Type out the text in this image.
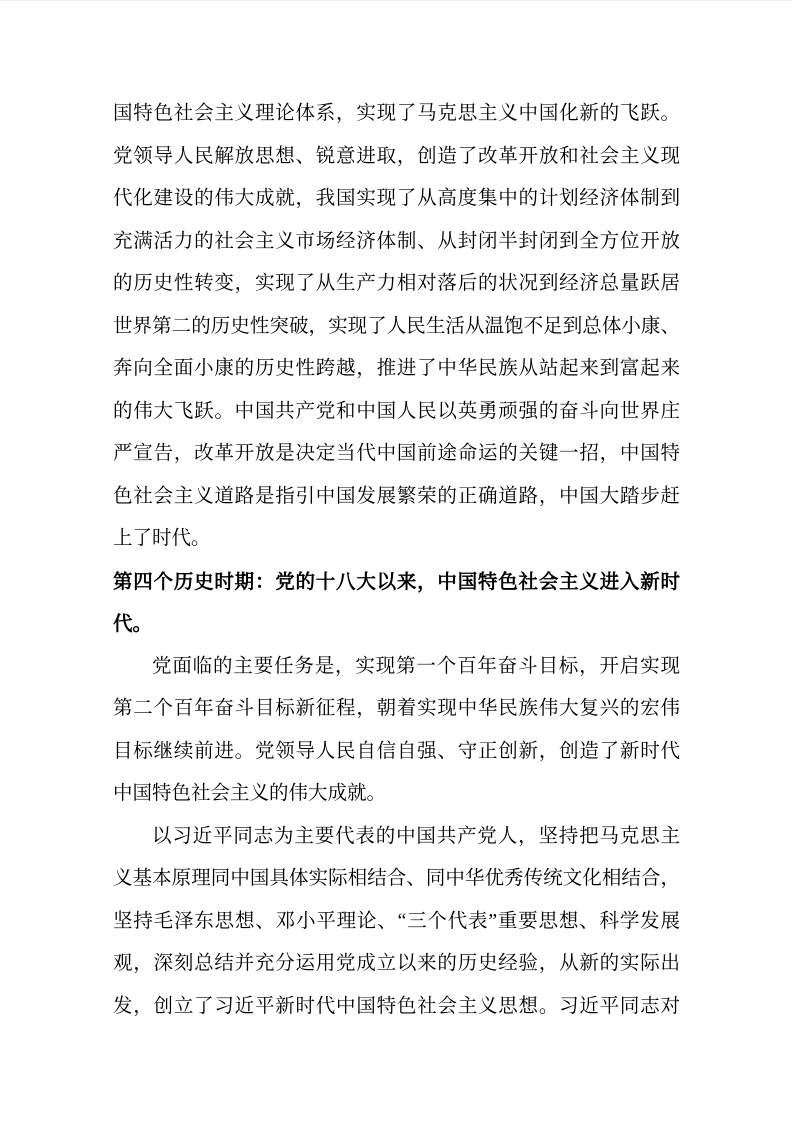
国特色社会主义理论体系，实现了马克思主义中国化新的飞跃。
党领导人民解放思想、锐意进取，创造了改革开放和社会主义现
代化建设的伟大成就，我国实现了从高度集中的计划经济体制到
充满活力的社会主义市场经济体制、从封闭半封闭到全方位开放
的历史性转变，实现了从生产力相对落后的状况到经济总量跃居
世界第二的历史性突破，实现了人民生活从温饱不足到总体小康、
奔向全面小康的历史性跨越，推进了中华民族从站起来到富起来
的伟大飞跃。中国共产党和中国人民以英勇顽强的奋斗向世界庄
严宣告，改革开放是决定当代中国前途命运的关键一招，中国特
色社会主义道路是指引中国发展繁荣的正确道路，中国大踏步赶
上了时代。
第四个历史时期：党的十八大以来，中国特色社会主义进入新时
代。
党面临的主要任务是，实现第一个百年奋斗目标，开启实现
第二个百年奋斗目标新征程，朝着实现中华民族伟大复兴的宏伟
目标继续前进。党领导人民自信自强、守正创新，创造了新时代
中国特色社会主义的伟大成就。
以习近平同志为主要代表的中国共产党人，坚持把马克思主
义基本原理同中国具体实际相结合、同中华优秀传统文化相结合，
坚持毛泽东思想、邓小平理论、“三个代表”重要思想、科学发展
观，深刻总结并充分运用党成立以来的历史经验，从新的实际出
发，创立了习近平新时代中国特色社会主义思想。习近平同志对
